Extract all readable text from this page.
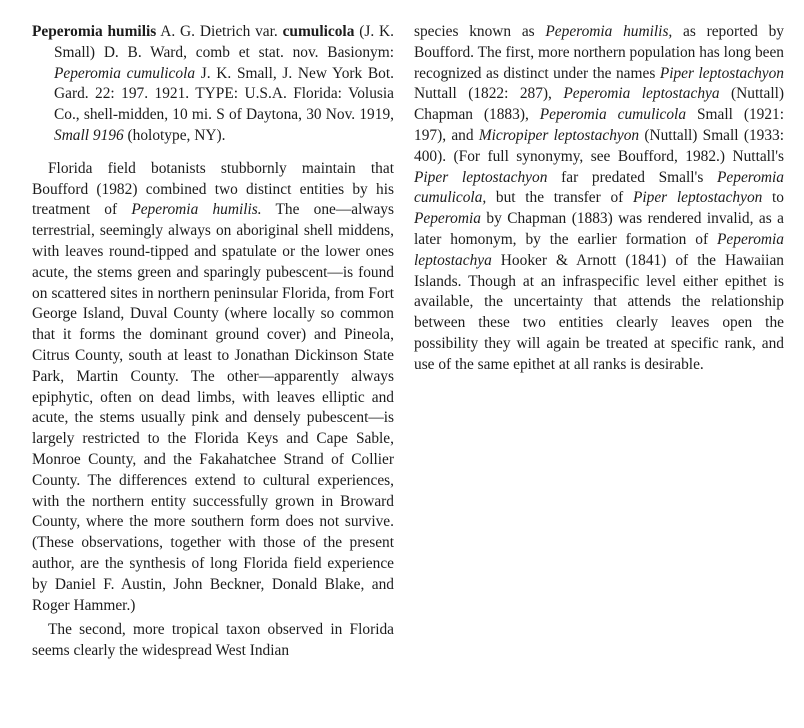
Peperomia humilis A. G. Dietrich var. cumulicola (J. K. Small) D. B. Ward, comb et stat. nov. Basionym: Peperomia cumulicola J. K. Small, J. New York Bot. Gard. 22: 197. 1921. TYPE: U.S.A. Florida: Volusia Co., shell-midden, 10 mi. S of Daytona, 30 Nov. 1919, Small 9196 (holotype, NY).

Florida field botanists stubbornly maintain that Boufford (1982) combined two distinct entities by his treatment of Peperomia humilis. The one—always terrestrial, seemingly always on aboriginal shell middens, with leaves round-tipped and spatulate or the lower ones acute, the stems green and sparingly pubescent—is found on scattered sites in northern peninsular Florida, from Fort George Island, Duval County (where locally so common that it forms the dominant ground cover) and Pineola, Citrus County, south at least to Jonathan Dickinson State Park, Martin County. The other—apparently always epiphytic, often on dead limbs, with leaves elliptic and acute, the stems usually pink and densely pubescent—is largely restricted to the Florida Keys and Cape Sable, Monroe County, and the Fakahatchee Strand of Collier County. The differences extend to cultural experiences, with the northern entity successfully grown in Broward County, where the more southern form does not survive. (These observations, together with those of the present author, are the synthesis of long Florida field experience by Daniel F. Austin, John Beckner, Donald Blake, and Roger Hammer.)

The second, more tropical taxon observed in Florida seems clearly the widespread West Indian

species known as Peperomia humilis, as reported by Boufford. The first, more northern population has long been recognized as distinct under the names Piper leptostachyon Nuttall (1822: 287), Peperomia leptostachya (Nuttall) Chapman (1883), Peperomia cumulicola Small (1921: 197), and Micropiper leptostachyon (Nuttall) Small (1933: 400). (For full synonymy, see Boufford, 1982.) Nuttall's Piper leptostachyon far predated Small's Peperomia cumulicola, but the transfer of Piper leptostachyon to Peperomia by Chapman (1883) was rendered invalid, as a later homonym, by the earlier formation of Peperomia leptostachya Hooker & Arnott (1841) of the Hawaiian Islands. Though at an infraspecific level either epithet is available, the uncertainty that attends the relationship between these two entities clearly leaves open the possibility they will again be treated at specific rank, and use of the same epithet at all ranks is desirable.
